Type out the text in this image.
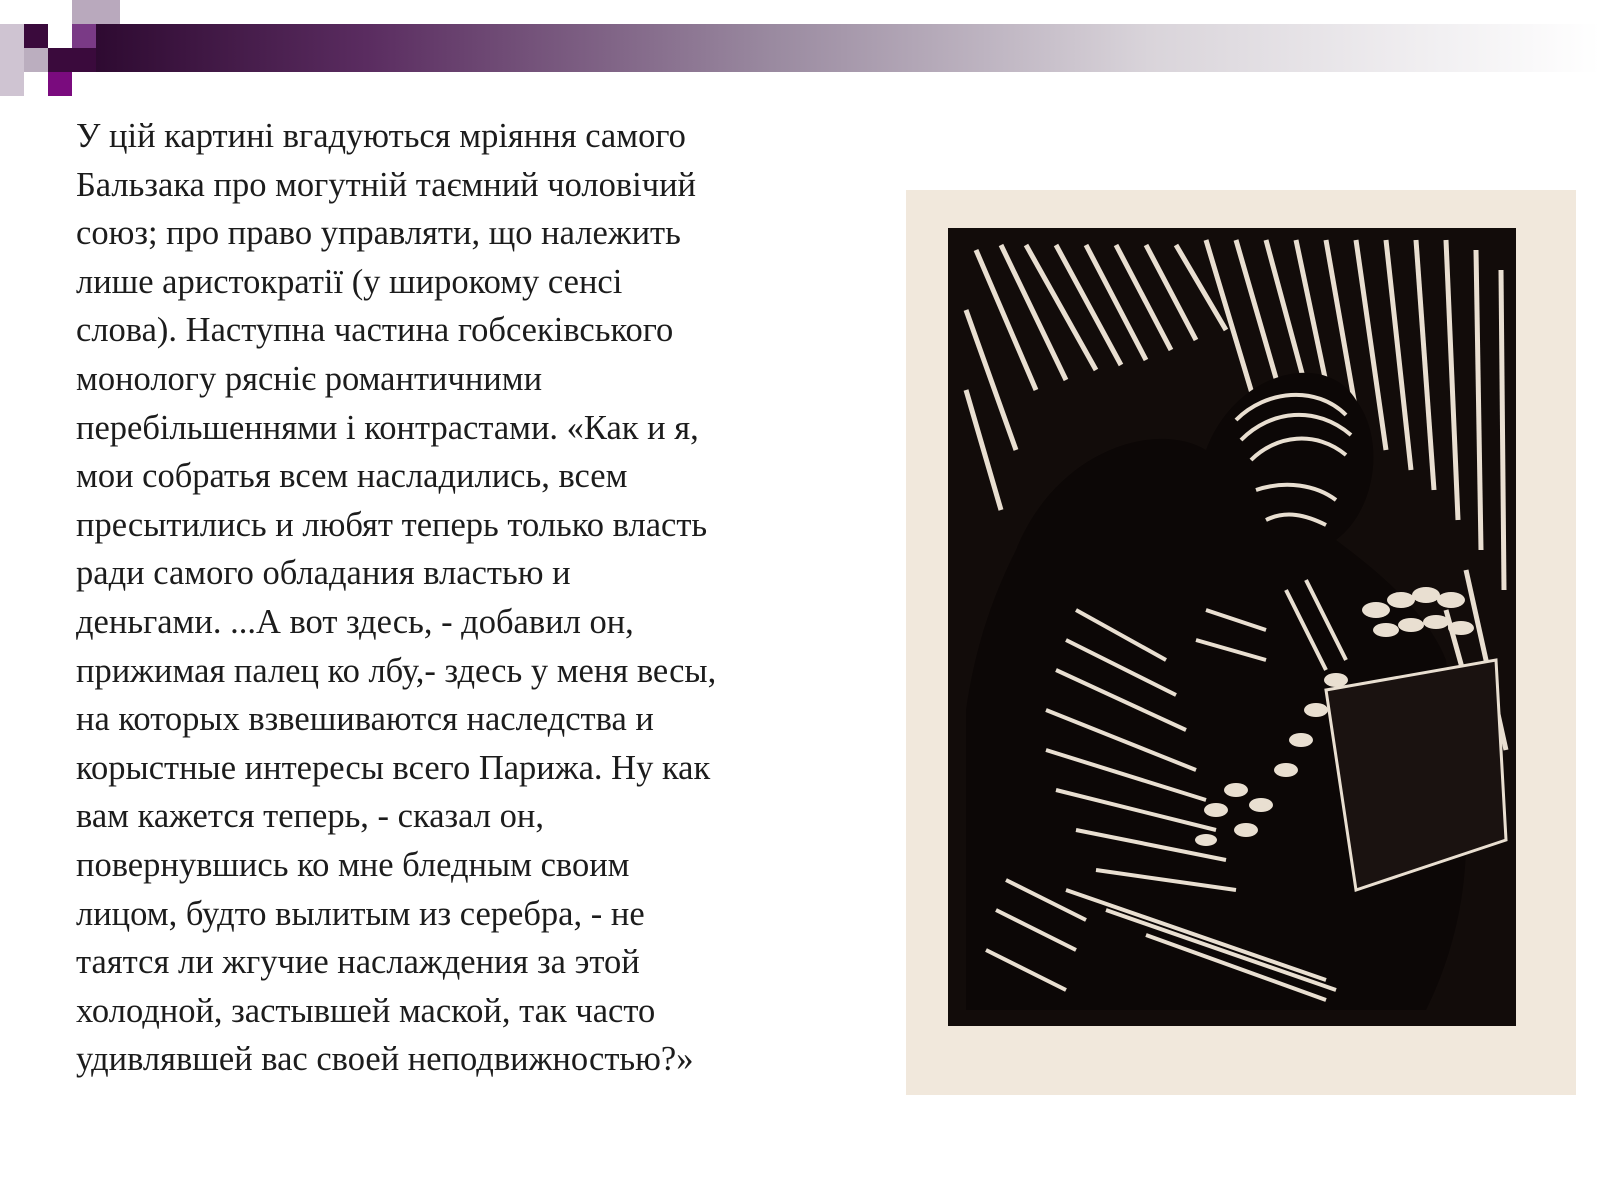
У цій картині вгадуються мріяння самого
Бальзака про могутній таємний чоловічий
союз; про право управляти, що належить
лише аристократії (у широкому сенсі
слова). Наступна частина гобсеківського
монологу ряснiє романтичними
перебільшеннями і контрастами. «Как и я,
мои собратья всем насладились, всем
пресытились и любят теперь только власть
ради самого обладания властью и
деньгами. ...А вот здесь, - добавил он,
прижимая палец ко лбу,- здесь у меня весы,
на которых взвешиваются наследства и
корыстные интересы всего Парижа. Ну как
вам кажется теперь, - сказал он,
повернувшись ко мне бледным своим
лицом, будто вылитым из серебра, - не
таятся ли жгучие наслаждения за этой
холодной, застывшей маской, так часто
удивлявшей вас своей неподвижностью?»
